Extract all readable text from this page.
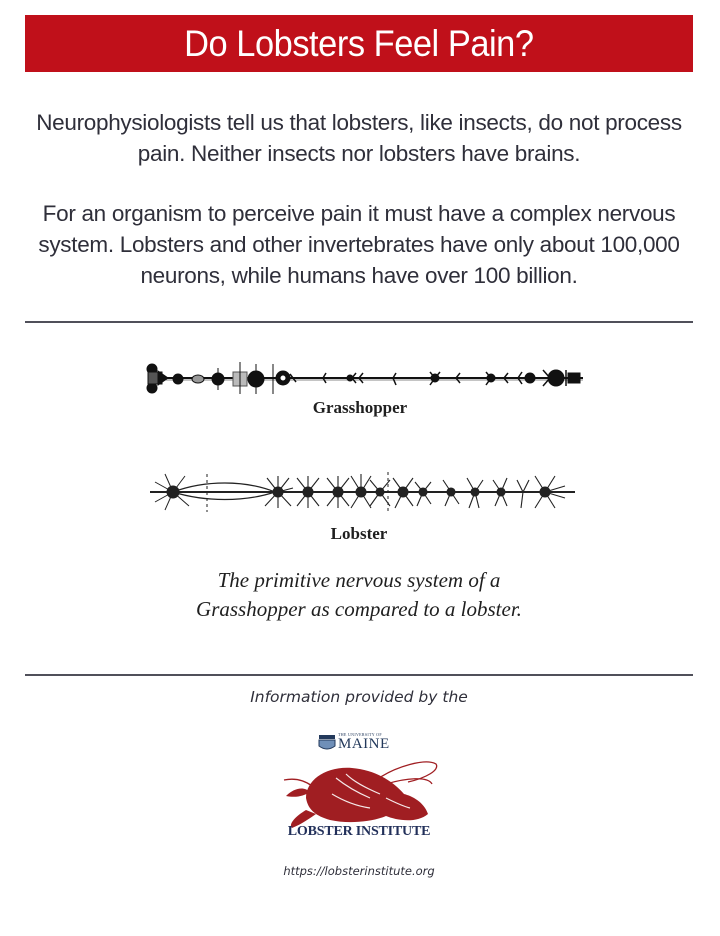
Do Lobsters Feel Pain?
Neurophysiologists tell us that lobsters, like insects, do not process pain. Neither insects nor lobsters have brains.
For an organism to perceive pain it must have a complex nervous system. Lobsters and other invertebrates have only about 100,000 neurons, while humans have over 100 billion.
Grasshopper
Lobster
The primitive nervous system of a
Grasshopper as compared to a lobster.
Information provided by the
THE UNIVERSITY OF
MAINE
LOBSTER INSTITUTE
https://lobsterinstitute.org
